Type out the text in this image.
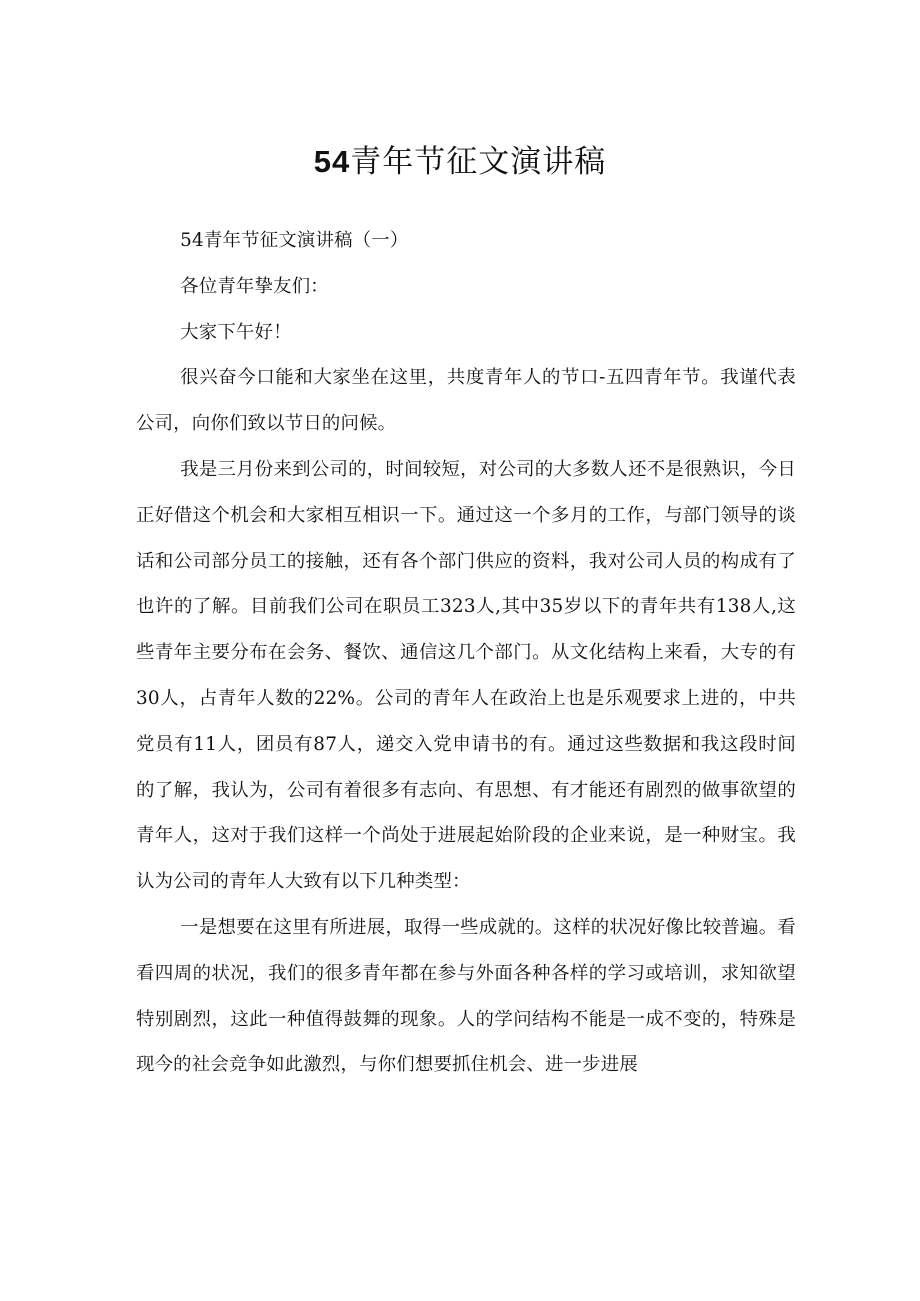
54青年节征文演讲稿

54青年节征文演讲稿（一）

各位青年挚友们：

大家下午好！

很兴奋今口能和大家坐在这里，共度青年人的节口-五四青年节。我谨代表公司，向你们致以节日的问候。

我是三月份来到公司的，时间较短，对公司的大多数人还不是很熟识，今日正好借这个机会和大家相互相识一下。通过这一个多月的工作，与部门领导的谈话和公司部分员工的接触，还有各个部门供应的资料，我对公司人员的构成有了也许的了解。目前我们公司在职员工323人,其中35岁以下的青年共有138人,这些青年主要分布在会务、餐饮、通信这几个部门。从文化结构上来看，大专的有30人，占青年人数的22%。公司的青年人在政治上也是乐观要求上进的，中共党员有11人，团员有87人，递交入党申请书的有。通过这些数据和我这段时间的了解，我认为，公司有着很多有志向、有思想、有才能还有剧烈的做事欲望的青年人，这对于我们这样一个尚处于进展起始阶段的企业来说，是一种财宝。我认为公司的青年人大致有以下几种类型：

一是想要在这里有所进展，取得一些成就的。这样的状况好像比较普遍。看看四周的状况，我们的很多青年都在参与外面各种各样的学习或培训，求知欲望特别剧烈，这此一种值得鼓舞的现象。人的学问结构不能是一成不变的，特殊是现今的社会竞争如此激烈，与你们想要抓住机会、进一步进展
